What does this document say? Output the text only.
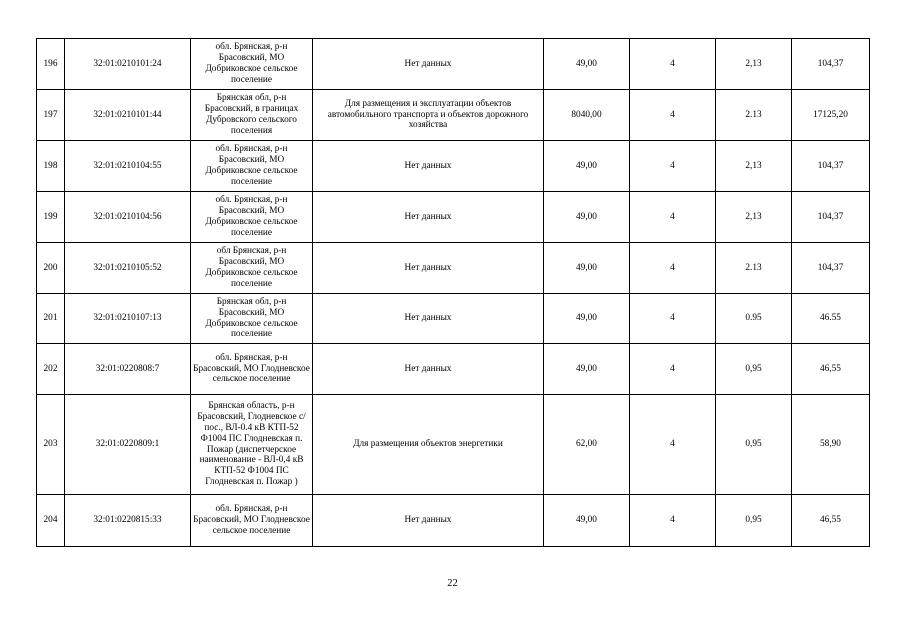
196	32:01:0210101:24	обл. Брянская, р-н Брасовский, МО Добриковское сельское поселение	Нет данных	49,00	4	2,13	104,37
197	32:01:0210101:44	Брянская обл, р-н Брасовский, в границах Дубровского сельского поселения	Для размещения и эксплуатации объектов автомобильного транспорта и объектов дорожного хозяйства	8040,00	4	2.13	17125,20
198	32:01:0210104:55	обл. Брянская, р-н Брасовский, МО Добриковское сельское поселение	Нет данных	49,00	4	2,13	104,37
199	32:01:0210104:56	обл. Брянская, р-н Брасовский, МО Добриковское сельское поселение	Нет данных	49,00	4	2,13	104,37
200	32:01:0210105:52	обл Брянская, р-н Брасовский, МО Добриковское сельское поселение	Нет данных	49,00	4	2.13	104,37
201	32:01:0210107:13	Брянская обл, р-н Брасовский, МО Добриковское сельское поселение	Нет данных	49,00	4	0.95	46.55
202	32:01:0220808:7	обл. Брянская, р-н Брасовский, МО Глодневское сельское поселение	Нет данных	49,00	4	0,95	46,55
203	32:01:0220809:1	Брянская область, р-н Брасовский, Глодневское с/пос., ВЛ-0.4 кВ КТП-52 Ф1004 ПС Глодневская п. Пожар (диспетчерское наименование - ВЛ-0,4 кВ КТП-52 Ф1004 ПС Глодневская п. Пожар )	Для размещения объектов энергетики	62,00	4	0,95	58,90
204	32:01:0220815:33	обл. Брянская, р-н Брасовский, МО Глодневское сельское поселение	Нет данных	49,00	4	0,95	46,55
22
